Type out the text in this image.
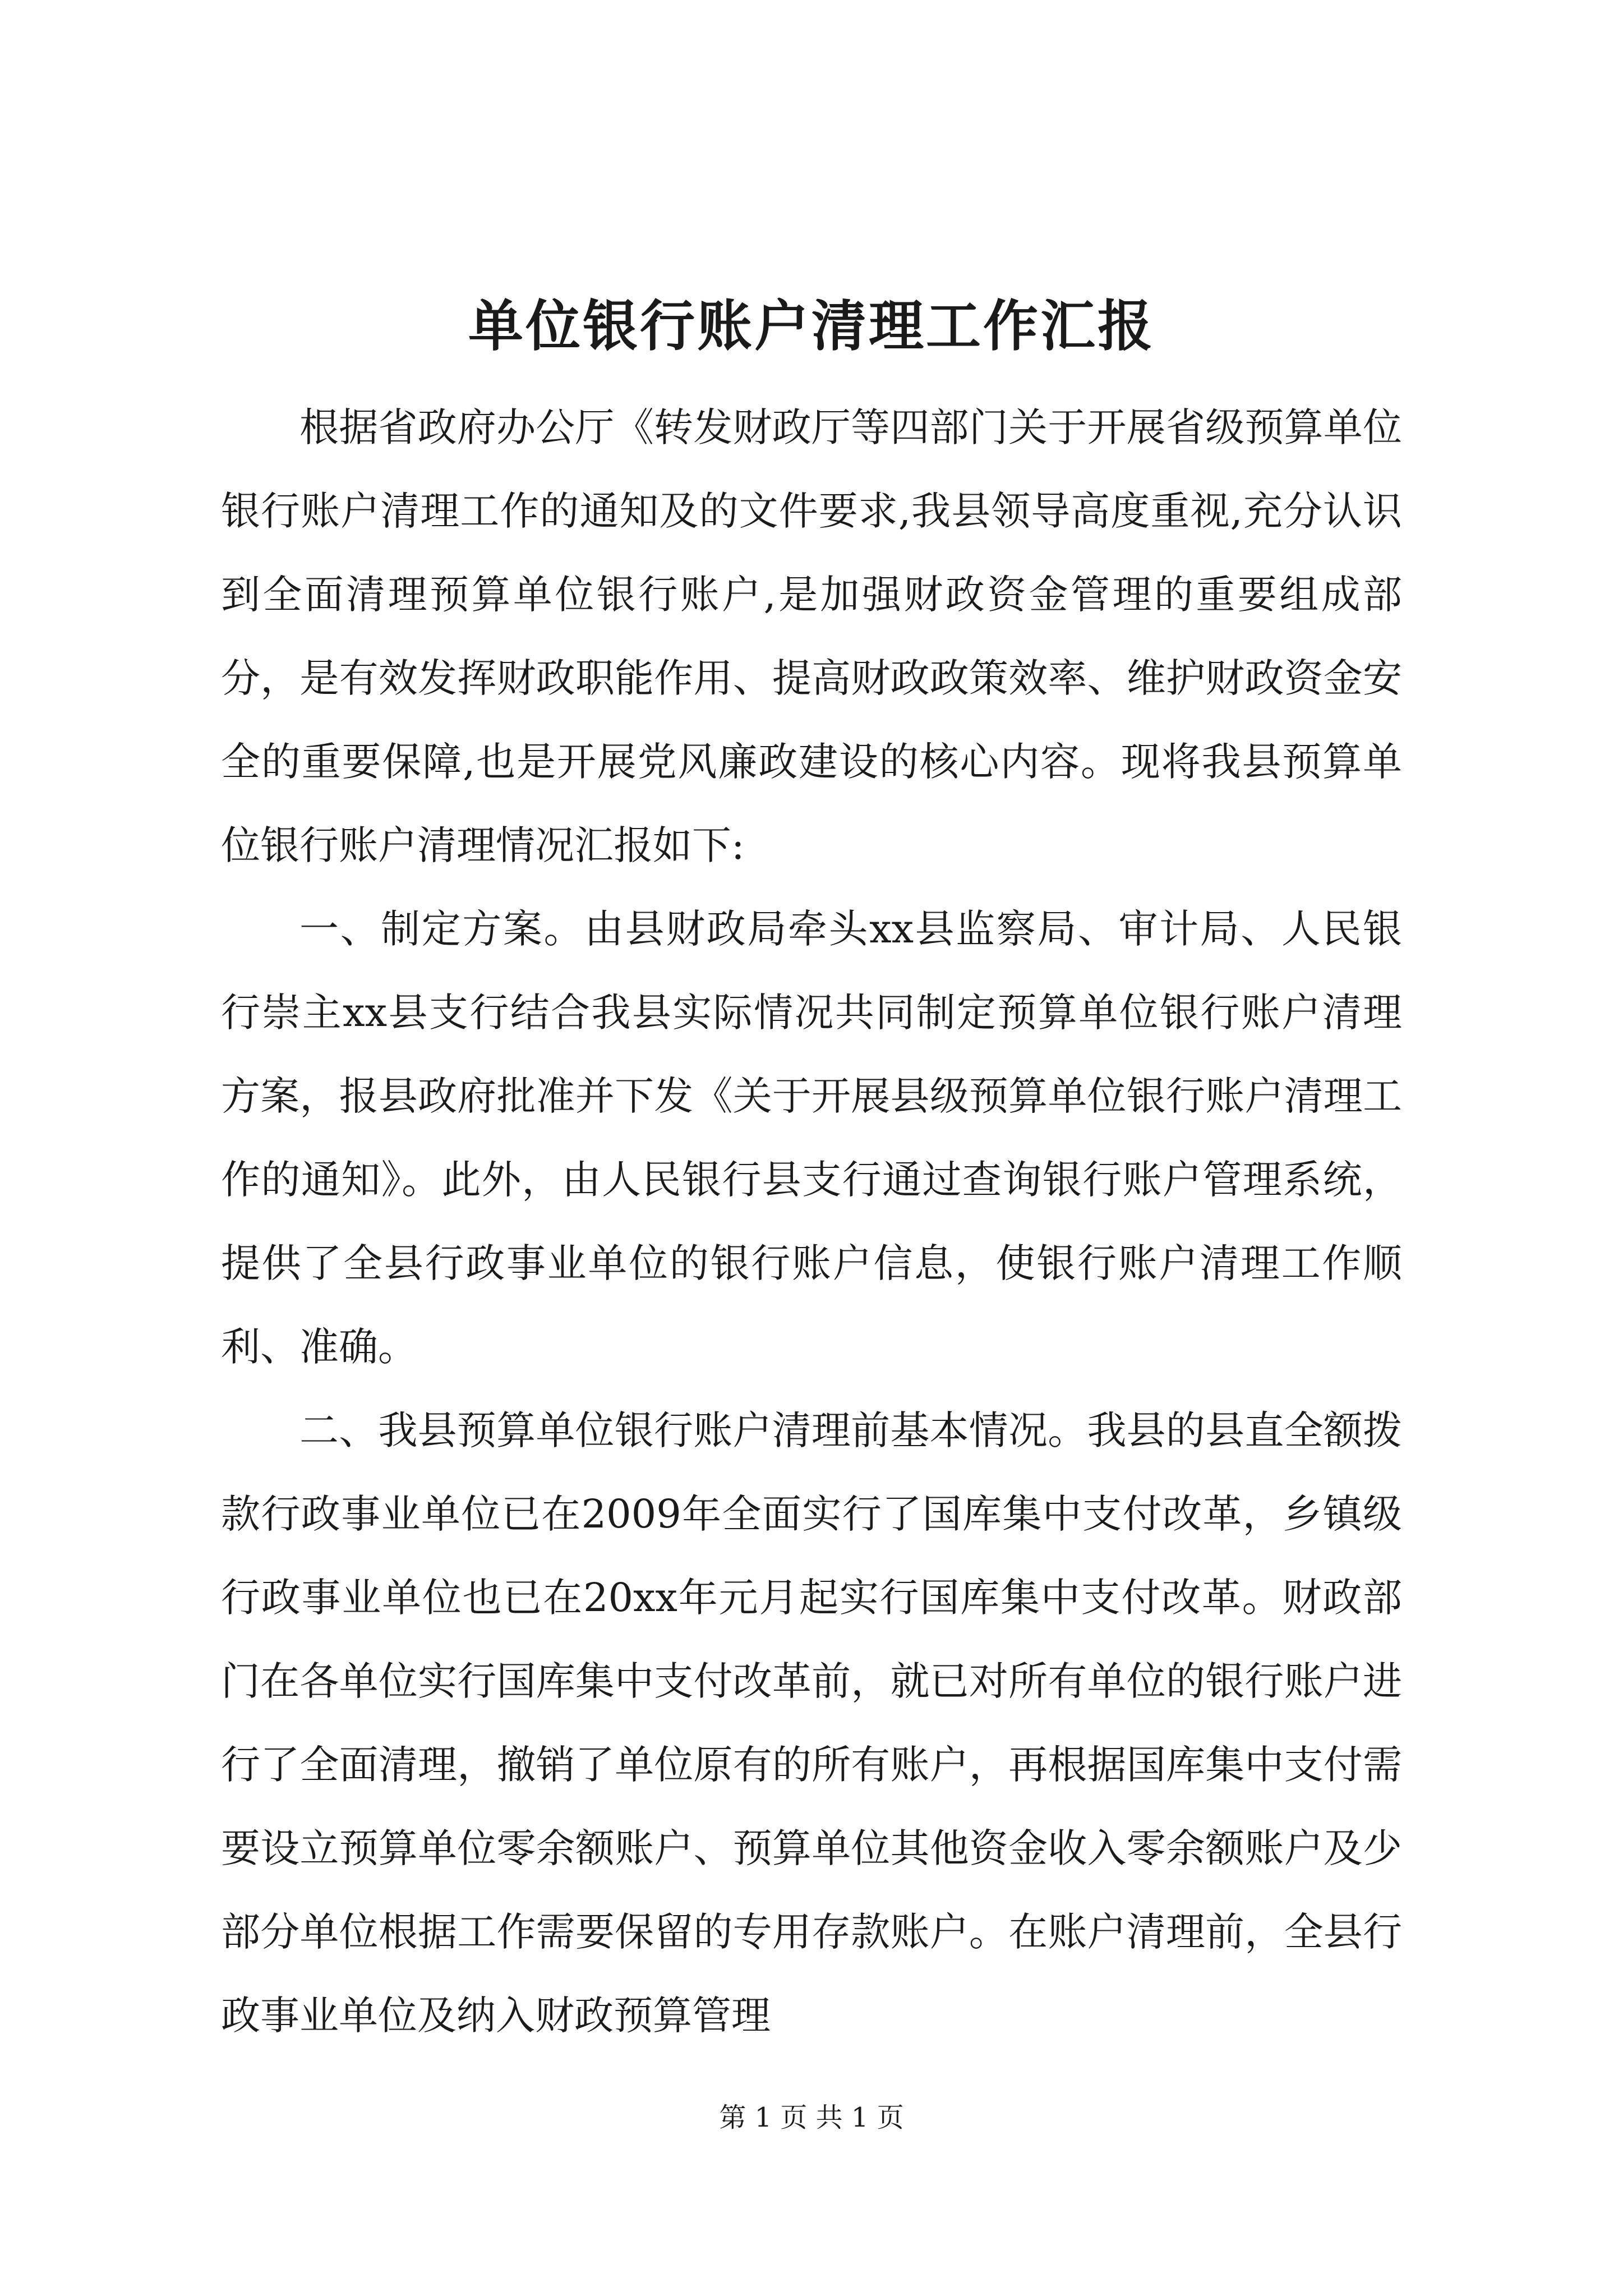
单位银行账户清理工作汇报

根据省政府办公厅《转发财政厅等四部门关于开展省级预算单位银行账户清理工作的通知及的文件要求,我县领导高度重视,充分认识到全面清理预算单位银行账户,是加强财政资金管理的重要组成部分，是有效发挥财政职能作用、提高财政政策效率、维护财政资金安全的重要保障,也是开展党风廉政建设的核心内容。现将我县预算单位银行账户清理情况汇报如下:

一、制定方案。由县财政局牵头xx县监察局、审计局、人民银行崇主xx县支行结合我县实际情况共同制定预算单位银行账户清理方案，报县政府批准并下发《关于开展县级预算单位银行账户清理工作的通知》。此外，由人民银行县支行通过查询银行账户管理系统，提供了全县行政事业单位的银行账户信息，使银行账户清理工作顺利、准确。

二、我县预算单位银行账户清理前基本情况。我县的县直全额拨款行政事业单位已在2009年全面实行了国库集中支付改革，乡镇级行政事业单位也已在20xx年元月起实行国库集中支付改革。财政部门在各单位实行国库集中支付改革前，就已对所有单位的银行账户进行了全面清理，撤销了单位原有的所有账户，再根据国库集中支付需要设立预算单位零余额账户、预算单位其他资金收入零余额账户及少部分单位根据工作需要保留的专用存款账户。在账户清理前，全县行政事业单位及纳入财政预算管理

第 1 页 共 1 页
